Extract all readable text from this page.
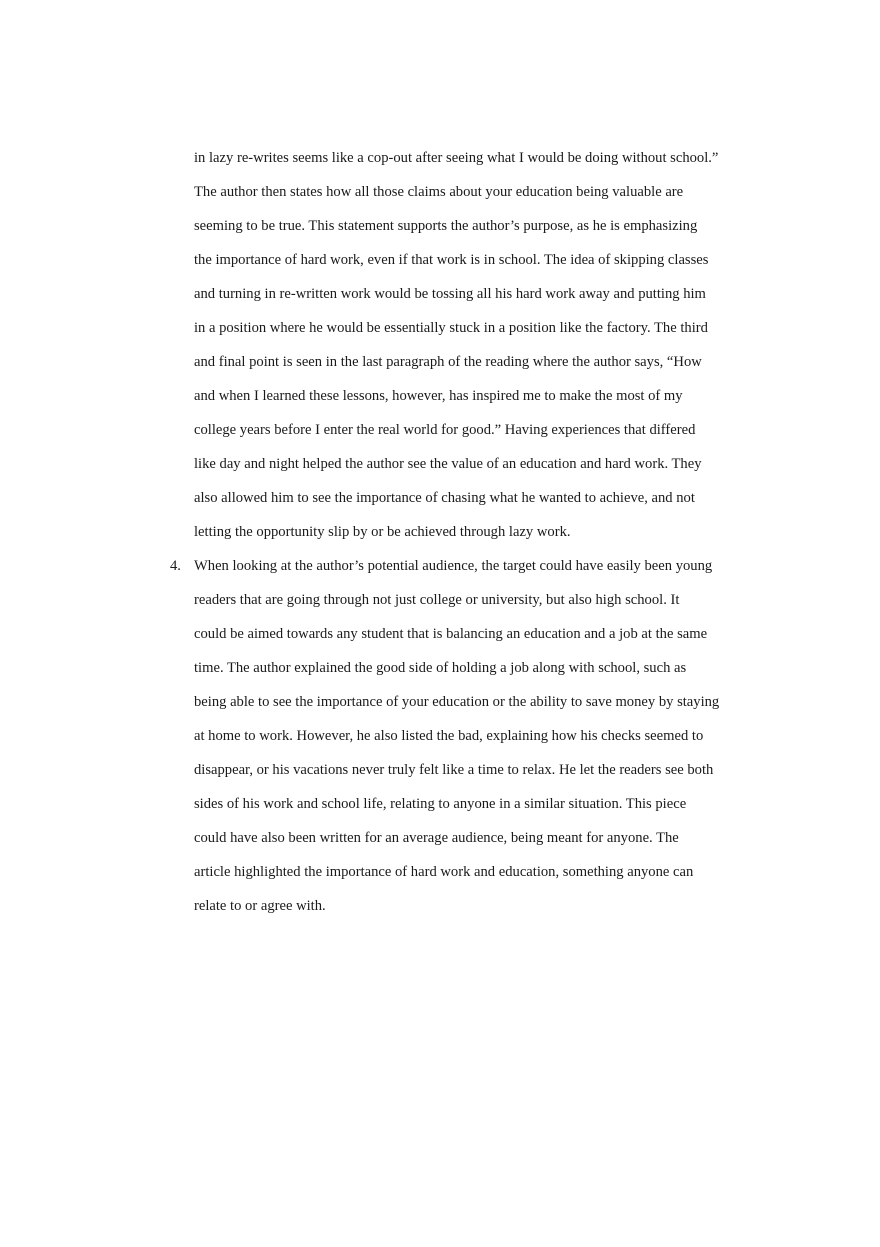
in lazy re-writes seems like a cop-out after seeing what I would be doing without school.”
The author then states how all those claims about your education being valuable are
seeming to be true. This statement supports the author’s purpose, as he is emphasizing
the importance of hard work, even if that work is in school. The idea of skipping classes
and turning in re-written work would be tossing all his hard work away and putting him
in a position where he would be essentially stuck in a position like the factory. The third
and final point is seen in the last paragraph of the reading where the author says, “How
and when I learned these lessons, however, has inspired me to make the most of my
college years before I enter the real world for good.” Having experiences that differed
like day and night helped the author see the value of an education and hard work. They
also allowed him to see the importance of chasing what he wanted to achieve, and not
letting the opportunity slip by or be achieved through lazy work.
4. When looking at the author’s potential audience, the target could have easily been young
readers that are going through not just college or university, but also high school. It
could be aimed towards any student that is balancing an education and a job at the same
time. The author explained the good side of holding a job along with school, such as
being able to see the importance of your education or the ability to save money by staying
at home to work. However, he also listed the bad, explaining how his checks seemed to
disappear, or his vacations never truly felt like a time to relax. He let the readers see both
sides of his work and school life, relating to anyone in a similar situation. This piece
could have also been written for an average audience, being meant for anyone. The
article highlighted the importance of hard work and education, something anyone can
relate to or agree with.
